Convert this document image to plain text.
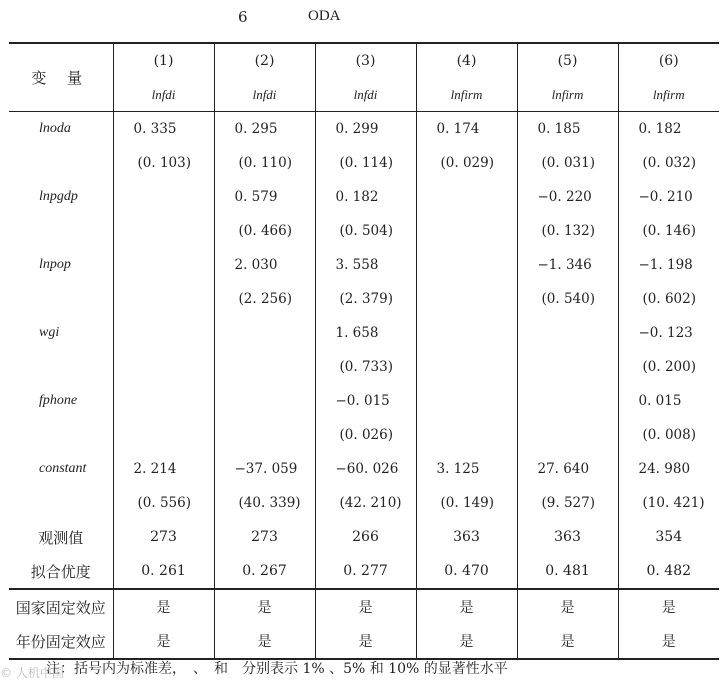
6	ODA
变 量	(1)	(2)	(3)	(4)	(5)	(6)
	lnfdi	lnfdi	lnfdi	lnfirm	lnfirm	lnfirm
lnoda	0. 335	0. 295	0. 299	0. 174	0. 185	0. 182
	(0. 103)	(0. 110)	(0. 114)	(0. 029)	(0. 031)	(0. 032)
lnpgdp		0. 579	0. 182		−0. 220	−0. 210
		(0. 466)	(0. 504)		(0. 132)	(0. 146)
lnpop		2. 030	3. 558		−1. 346	−1. 198
		(2. 256)	(2. 379)		(0. 540)	(0. 602)
wgi			1. 658			−0. 123
			(0. 733)			(0. 200)
fphone			−0. 015			0. 015
			(0. 026)			(0. 008)
constant	2. 214	−37. 059	−60. 026	3. 125	27. 640	24. 980
	(0. 556)	(40. 339)	(42. 210)	(0. 149)	(9. 527)	(10. 421)
观测值	273	273	266	363	363	354
拟合优度	0. 261	0. 267	0. 277	0. 470	0. 481	0. 482
国家固定效应	是	是	是	是	是	是
年份固定效应	是	是	是	是	是	是
注：括号内为标准差，　、　和　分别表示 1% 、5% 和 10% 的显著性水平
© 人机中国
